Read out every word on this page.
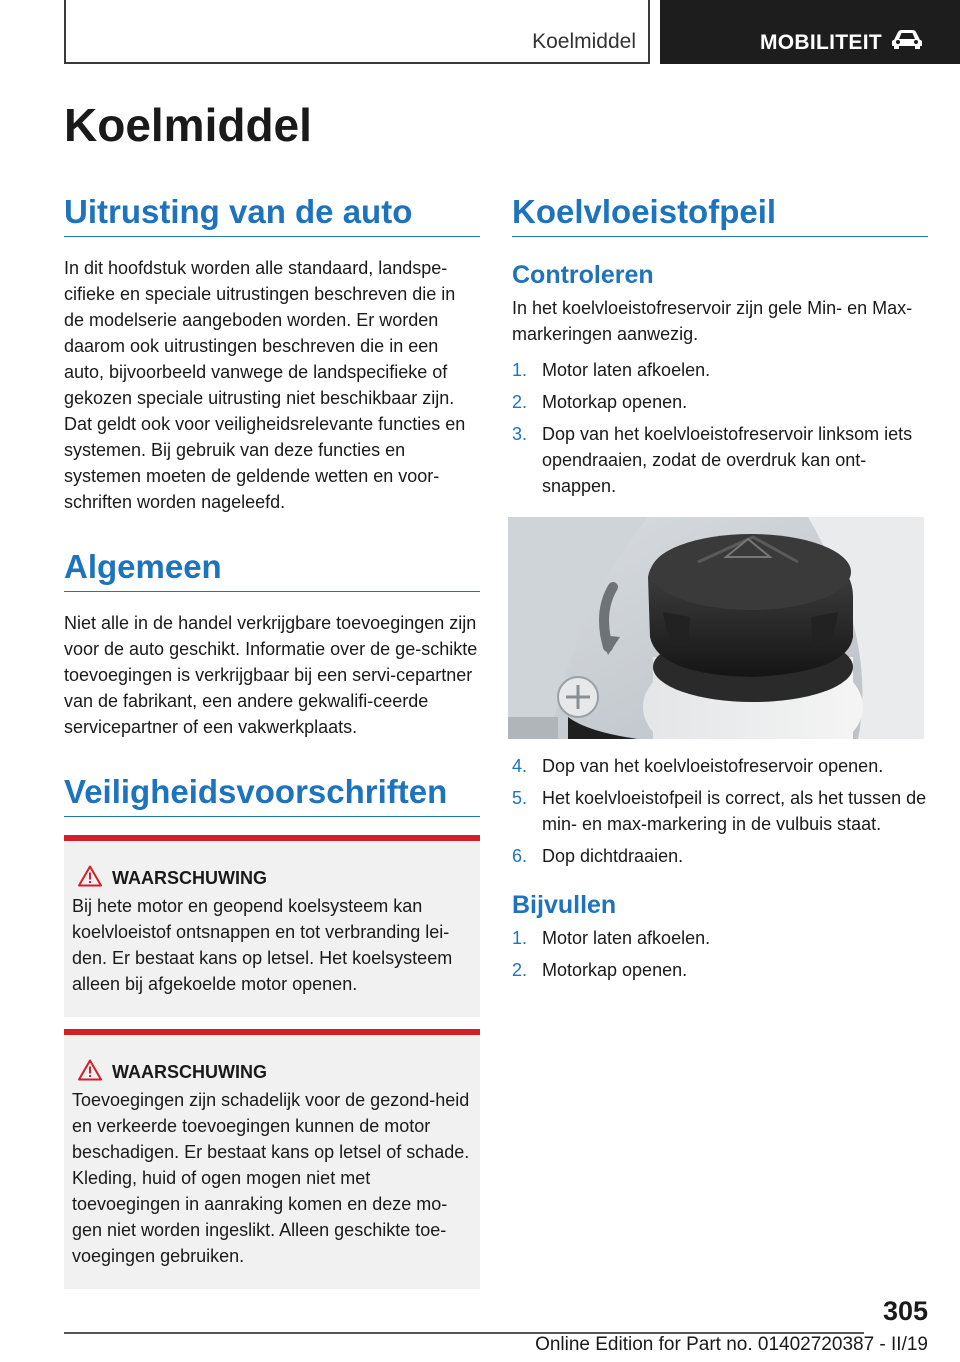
Koelmiddel	MOBILITEIT
Koelmiddel
Uitrusting van de auto

In dit hoofdstuk worden alle standaard, landspe-cifieke en speciale uitrustingen beschreven die in de modelserie aangeboden worden. Er worden daarom ook uitrustingen beschreven die in een auto, bijvoorbeeld vanwege de landspecifieke of gekozen speciale uitrusting niet beschikbaar zijn. Dat geldt ook voor veiligheidsrelevante functies en systemen. Bij gebruik van deze functies en systemen moeten de geldende wetten en voor-schriften worden nageleefd.

Algemeen

Niet alle in de handel verkrijgbare toevoegingen zijn voor de auto geschikt. Informatie over de ge-schikte toevoegingen is verkrijgbaar bij een servi-cepartner van de fabrikant, een andere gekwalifi-ceerde servicepartner of een vakwerkplaats.

Veiligheidsvoorschriften
WAARSCHUWING

Bij hete motor en geopend koelsysteem kan koelvloeistof ontsnappen en tot verbranding lei-den. Er bestaat kans op letsel. Het koelsysteem alleen bij afgekoelde motor openen.

WAARSCHUWING

Toevoegingen zijn schadelijk voor de gezond-heid en verkeerde toevoegingen kunnen de motor beschadigen. Er bestaat kans op letsel of schade. Kleding, huid of ogen mogen niet met toevoegingen in aanraking komen en deze mo-gen niet worden ingeslikt. Alleen geschikte toe-voegingen gebruiken.

Koelvloeistofpeil
Controleren

In het koelvloeistofreservoir zijn gele Min- en Max-markeringen aanwezig.

1. Motor laten afkoelen.
2. Motorkap openen.
3. Dop van het koelvloeistofreservoir linksom iets opendraaien, zodat de overdruk kan ont-snappen.
4. Dop van het koelvloeistofreservoir openen.
5. Het koelvloeistofpeil is correct, als het tussen de min- en max-markering in de vulbuis staat.
6. Dop dichtdraaien.
Bijvullen
1. Motor laten afkoelen.
2. Motorkap openen.
305
Online Edition for Part no. 01402720387 - II/19
